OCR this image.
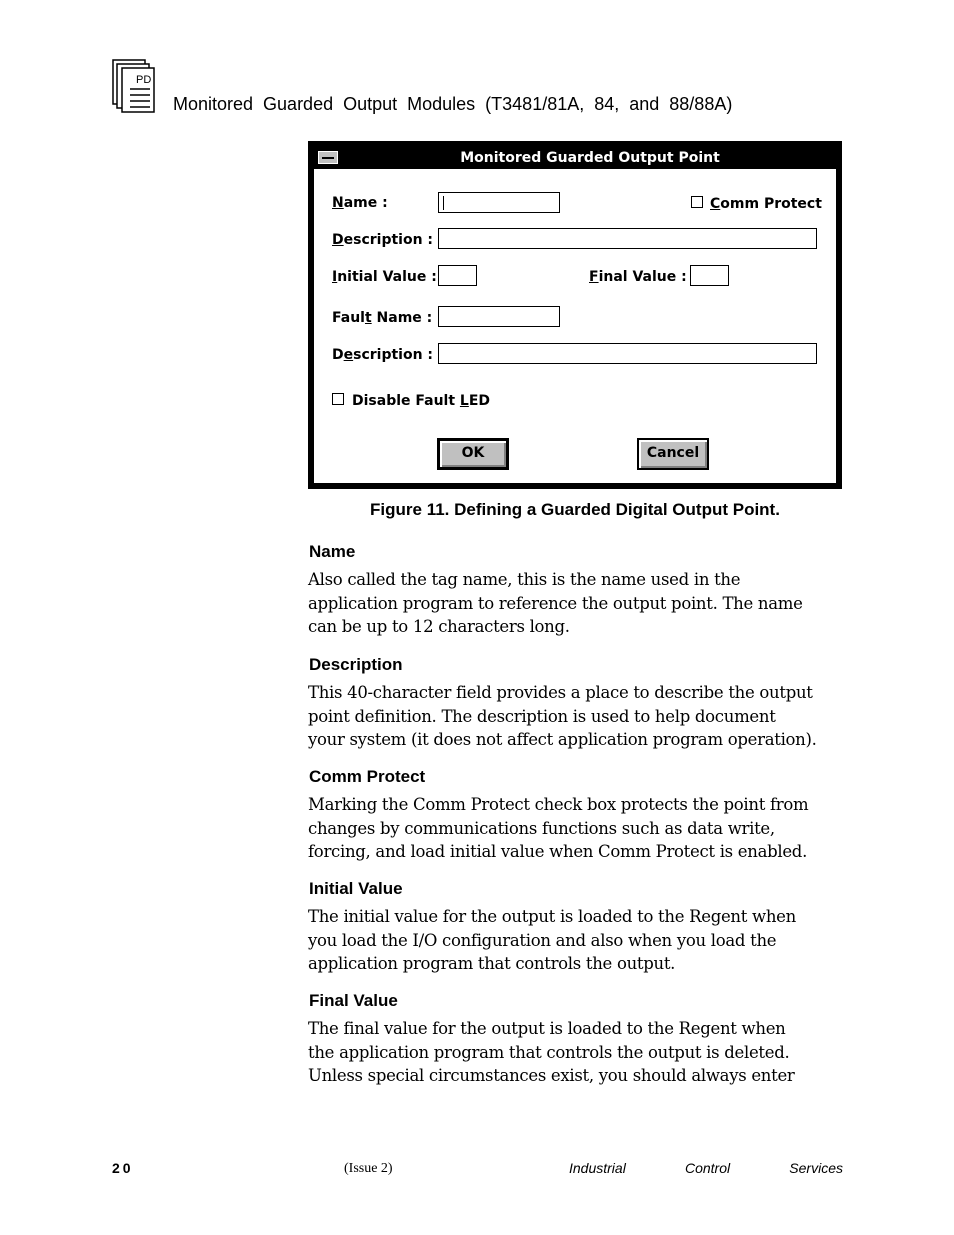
PD
Monitored Guarded Output Modules (T3481/81A, 84, and 88/88A)
Monitored Guarded Output Point
Name :	Comm Protect
Description :
Initial Value :	Final Value :
Fault Name :
Description :
Disable Fault LED
OK	Cancel
Figure 11. Defining a Guarded Digital Output Point.
Name
Also called the tag name, this is the name used in the
application program to reference the output point. The name
can be up to 12 characters long.
Description
This 40-character field provides a place to describe the output
point definition. The description is used to help document
your system (it does not affect application program operation).
Comm Protect
Marking the Comm Protect check box protects the point from
changes by communications functions such as data write,
forcing, and load initial value when Comm Protect is enabled.
Initial Value
The initial value for the output is loaded to the Regent when
you load the I/O configuration and also when you load the
application program that controls the output.
Final Value
The final value for the output is loaded to the Regent when
the application program that controls the output is deleted.
Unless special circumstances exist, you should always enter
20	(Issue 2)	Industrial	Control	Services
